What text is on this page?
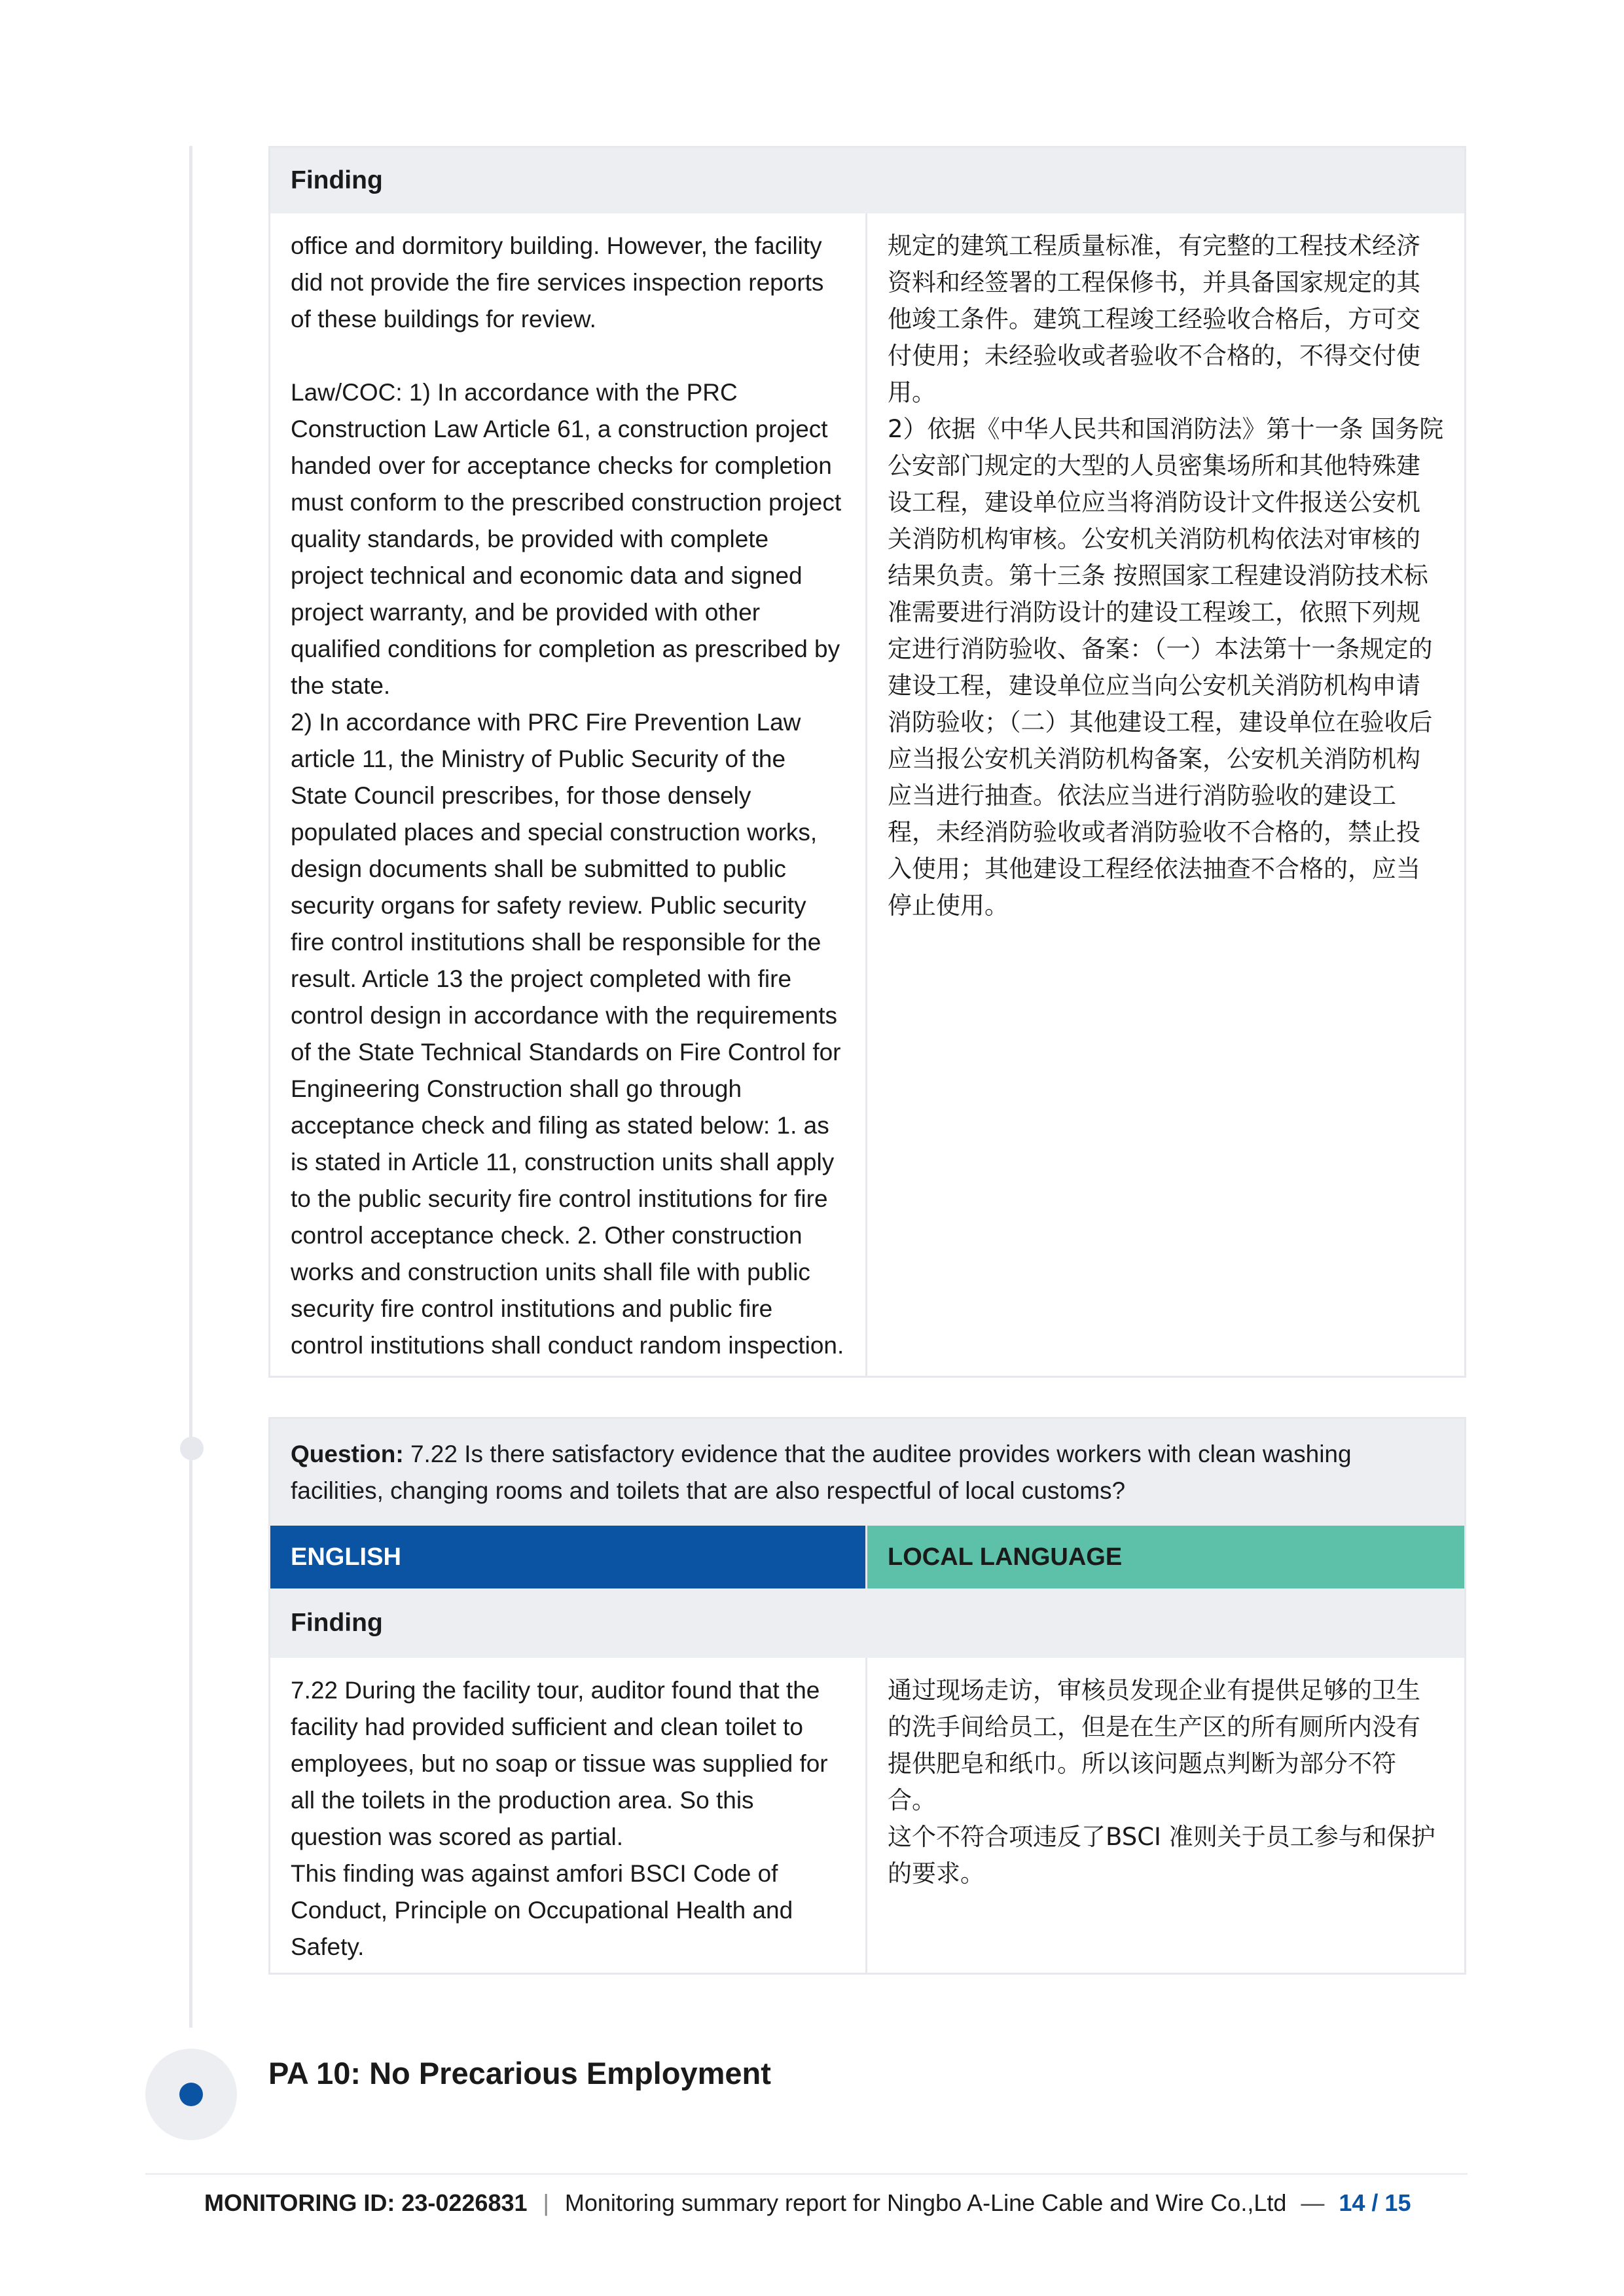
Finding
office and dormitory building. However, the facility did not provide the fire services inspection reports of these buildings for review.

Law/COC: 1) In accordance with the PRC Construction Law Article 61, a construction project handed over for acceptance checks for completion must conform to the prescribed construction project quality standards, be provided with complete project technical and economic data and signed project warranty, and be provided with other qualified conditions for completion as prescribed by the state.
2) In accordance with PRC Fire Prevention Law article 11, the Ministry of Public Security of the State Council prescribes, for those densely populated places and special construction works, design documents shall be submitted to public security organs for safety review. Public security fire control institutions shall be responsible for the result. Article 13 the project completed with fire control design in accordance with the requirements of the State Technical Standards on Fire Control for Engineering Construction shall go through acceptance check and filing as stated below: 1. as is stated in Article 11, construction units shall apply to the public security fire control institutions for fire control acceptance check. 2. Other construction works and construction units shall file with public security fire control institutions and public fire control institutions shall conduct random inspection.
规定的建筑工程质量标准，有完整的工程技术经济资料和经签署的工程保修书，并具备国家规定的其他竣工条件。建筑工程竣工经验收合格后，方可交付使用；未经验收或者验收不合格的，不得交付使用。
2）依据《中华人民共和国消防法》第十一条 国务院公安部门规定的大型的人员密集场所和其他特殊建设工程，建设单位应当将消防设计文件报送公安机关消防机构审核。公安机关消防机构依法对审核的结果负责。第十三条 按照国家工程建设消防技术标准需要进行消防设计的建设工程竣工，依照下列规定进行消防验收、备案：（一）本法第十一条规定的建设工程，建设单位应当向公安机关消防机构申请消防验收；（二）其他建设工程，建设单位在验收后应当报公安机关消防机构备案，公安机关消防机构应当进行抽查。依法应当进行消防验收的建设工程，未经消防验收或者消防验收不合格的，禁止投入使用；其他建设工程经依法抽查不合格的，应当停止使用。
Question: 7.22 Is there satisfactory evidence that the auditee provides workers with clean washing facilities, changing rooms and toilets that are also respectful of local customs?
ENGLISH	LOCAL LANGUAGE
Finding
7.22 During the facility tour, auditor found that the facility had provided sufficient and clean toilet to employees, but no soap or tissue was supplied for all the toilets in the production area. So this question was scored as partial.
This finding was against amfori BSCI Code of Conduct, Principle on Occupational Health and Safety.
通过现场走访，审核员发现企业有提供足够的卫生的洗手间给员工，但是在生产区的所有厕所内没有提供肥皂和纸巾。所以该问题点判断为部分不符合。
这个不符合项违反了BSCI 准则关于员工参与和保护的要求。
PA 10: No Precarious Employment
MONITORING ID: 23-0226831 | Monitoring summary report for Ningbo A-Line Cable and Wire Co.,Ltd — 14 / 15
